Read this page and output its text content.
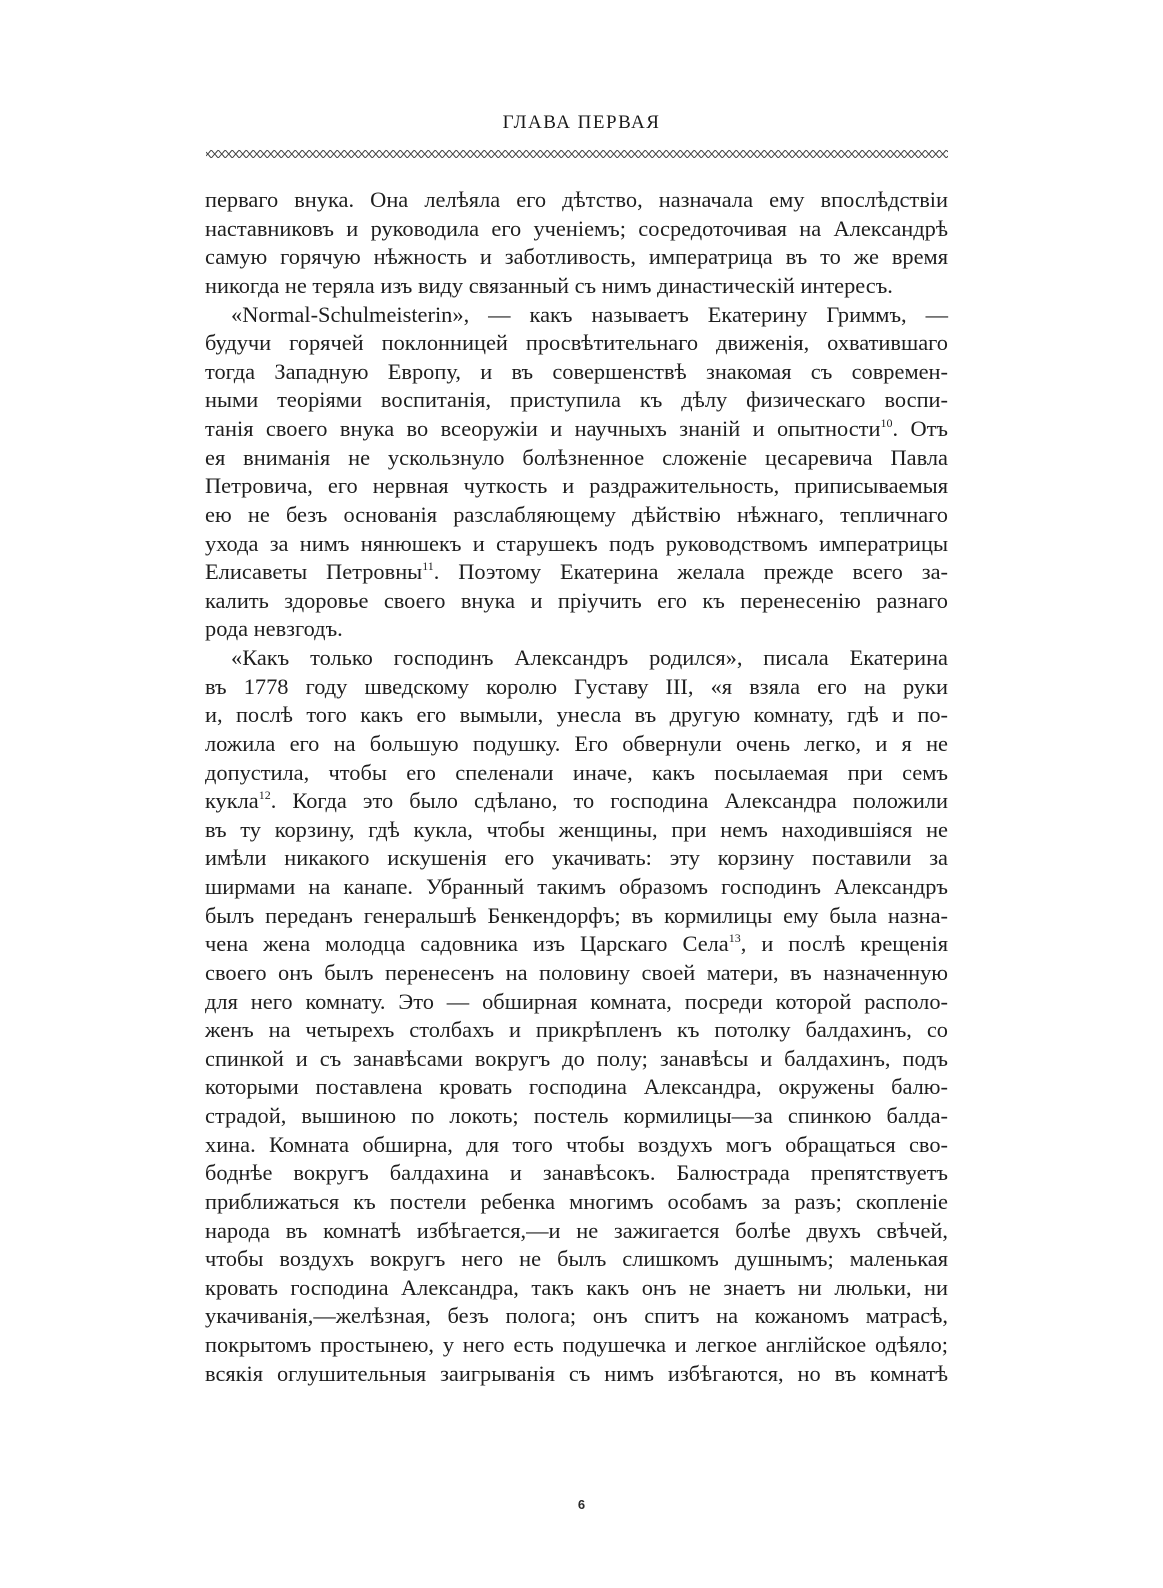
ГЛАВА ПЕРВАЯ
перваго внука. Она лелѣяла его дѣтство, назначала ему впослѣдствіи
наставниковъ и руководила его ученіемъ; сосредоточивая на Александрѣ
самую горячую нѣжность и заботливость, императрица въ то же время
никогда не теряла изъ виду связанный съ нимъ династическій интересъ.
«Normal-Schulmeisterin», — какъ называетъ Екатерину Гриммъ, —
будучи горячей поклонницей просвѣтительнаго движенія, охватившаго
тогда Западную Европу, и въ совершенствѣ знакомая съ современ-
ными теоріями воспитанія, приступила къ дѣлу физическаго воспи-
танія своего внука во всеоружіи и научныхъ знаній и опытности$^{10}$. Отъ
ея вниманія не ускользнуло болѣзненное сложеніе цесаревича Павла
Петровича, его нервная чуткость и раздражительность, приписываемыя
ею не безъ основанія разслабляющему дѣйствію нѣжнаго, тепличнаго
ухода за нимъ нянюшекъ и старушекъ подъ руководствомъ императрицы
Елисаветы Петровны$^{11}$. Поэтому Екатерина желала прежде всего за-
калить здоровье своего внука и пріучить его къ перенесенію разнаго
рода невзгодъ.
«Какъ только господинъ Александръ родился», писала Екатерина
въ 1778 году шведскому королю Густаву III, «я взяла его на руки
и, послѣ того какъ его вымыли, унесла въ другую комнату, гдѣ и по-
ложила его на большую подушку. Его обвернули очень легко, и я не
допустила, чтобы его спеленали иначе, какъ посылаемая при семъ
кукла$^{12}$. Когда это было сдѣлано, то господина Александра положили
въ ту корзину, гдѣ кукла, чтобы женщины, при немъ находившіяся не
имѣли никакого искушенія его укачивать: эту корзину поставили за
ширмами на канапе. Убранный такимъ образомъ господинъ Александръ
былъ переданъ генеральшѣ Бенкендорфъ; въ кормилицы ему была назна-
чена жена молодца садовника изъ Царскаго Села$^{13}$, и послѣ крещенія
своего онъ былъ перенесенъ на половину своей матери, въ назначенную
для него комнату. Это — обширная комната, посреди которой располо-
женъ на четырехъ столбахъ и прикрѣпленъ къ потолку балдахинъ, со
спинкой и съ занавѣсами вокругъ до полу; занавѣсы и балдахинъ, подъ
которыми поставлена кровать господина Александра, окружены балю-
страдой, вышиною по локоть; постель кормилицы—за спинкою балда-
хина. Комната обширна, для того чтобы воздухъ могъ обращаться сво-
боднѣе вокругъ балдахина и занавѣсокъ. Балюстрада препятствуетъ
приближаться къ постели ребенка многимъ особамъ за разъ; скопленіе
народа въ комнатѣ избѣгается,—и не зажигается болѣе двухъ свѣчей,
чтобы воздухъ вокругъ него не былъ слишкомъ душнымъ; маленькая
кровать господина Александра, такъ какъ онъ не знаетъ ни люльки, ни
укачиванія,—желѣзная, безъ полога; онъ спитъ на кожаномъ матрасѣ,
покрытомъ простынею, у него есть подушечка и легкое англійское одѣяло;
всякія оглушительныя заигрыванія съ нимъ избѣгаются, но въ комнатѣ
6
